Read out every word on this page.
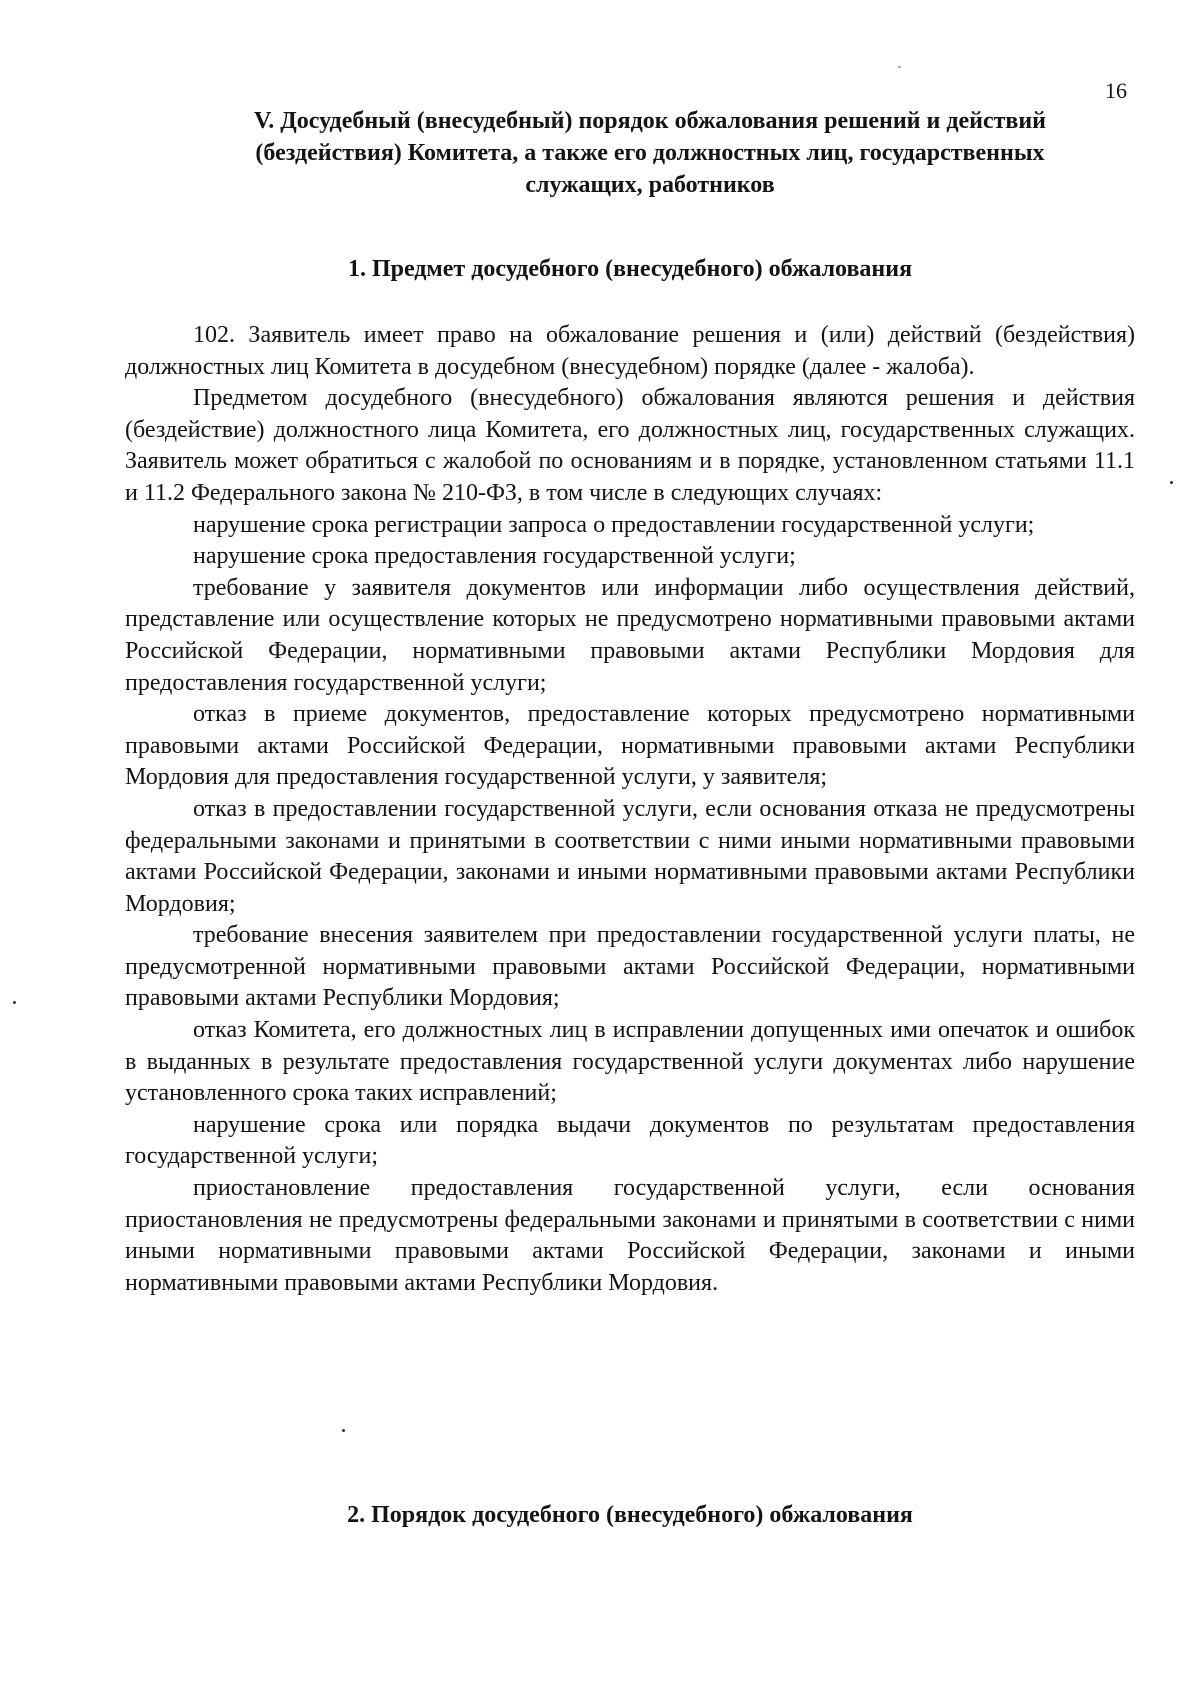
16
V. Досудебный (внесудебный) порядок обжалования решений и действий
(бездействия) Комитета, а также его должностных лиц, государственных
служащих, работников
1. Предмет досудебного (внесудебного) обжалования

102. Заявитель имеет право на обжалование решения и (или) действий (бездействия) должностных лиц Комитета в досудебном (внесудебном) порядке (далее - жалоба).

Предметом досудебного (внесудебного) обжалования являются решения и действия (бездействие) должностного лица Комитета, его должностных лиц, государственных служащих. Заявитель может обратиться с жалобой по основаниям и в порядке, установленном статьями 11.1 и 11.2 Федерального закона № 210-ФЗ, в том числе в следующих случаях:

нарушение срока регистрации запроса о предоставлении государственной услуги;

нарушение срока предоставления государственной услуги;

требование у заявителя документов или информации либо осуществления действий, представление или осуществление которых не предусмотрено нормативными правовыми актами Российской Федерации, нормативными правовыми актами Республики Мордовия для предоставления государственной услуги;

отказ в приеме документов, предоставление которых предусмотрено нормативными правовыми актами Российской Федерации, нормативными правовыми актами Республики Мордовия для предоставления государственной услуги, у заявителя;

отказ в предоставлении государственной услуги, если основания отказа не предусмотрены федеральными законами и принятыми в соответствии с ними иными нормативными правовыми актами Российской Федерации, законами и иными нормативными правовыми актами Республики Мордовия;

требование внесения заявителем при предоставлении государственной услуги платы, не предусмотренной нормативными правовыми актами Российской Федерации, нормативными правовыми актами Республики Мордовия;

отказ Комитета, его должностных лиц в исправлении допущенных ими опечаток и ошибок в выданных в результате предоставления государственной услуги документах либо нарушение установленного срока таких исправлений;

нарушение срока или порядка выдачи документов по результатам предоставления государственной услуги;

приостановление предоставления государственной услуги, если основания приостановления не предусмотрены федеральными законами и принятыми в соответствии с ними иными нормативными правовыми актами Российской Федерации, законами и иными нормативными правовыми актами Республики Мордовия.

2. Порядок досудебного (внесудебного) обжалования
